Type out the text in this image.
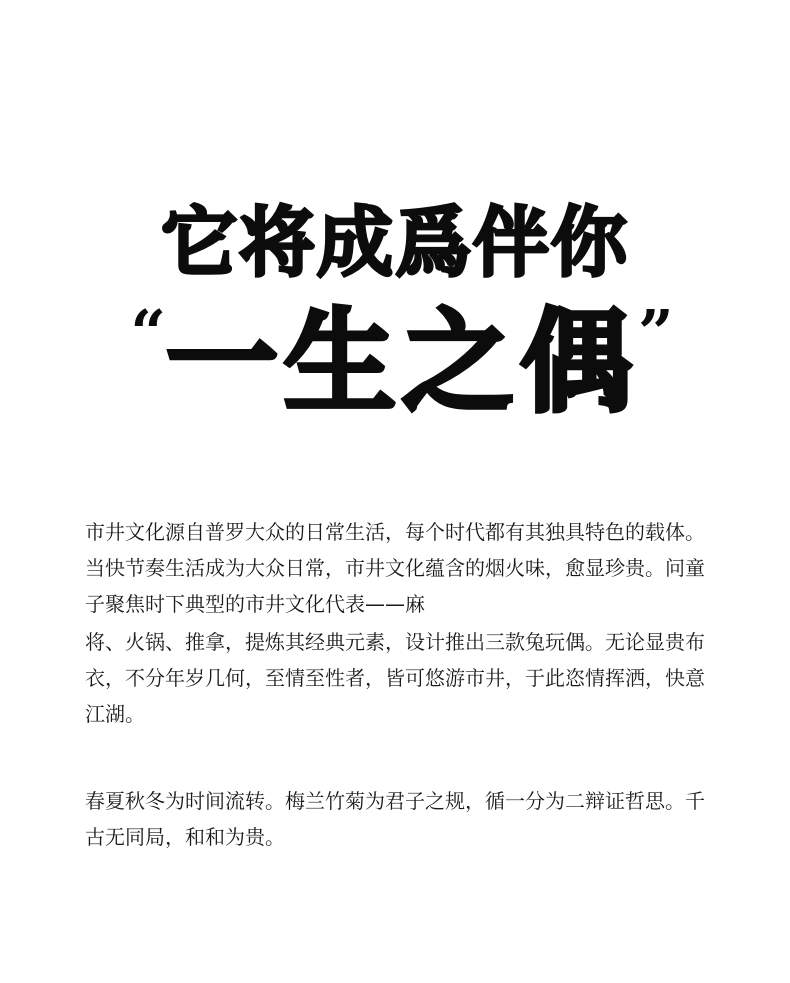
它将成爲伴你
“ 一生之偶 ”

市井文化源自普罗大众的日常生活，每个时代都有其独具特色的载体。当快节奏生活成为大众日常，市井文化蕴含的烟火味，愈显珍贵。问童子聚焦时下典型的市井文化代表——麻

将、火锅、推拿，提炼其经典元素，设计推出三款兔玩偶。无论显贵布衣，不分年岁几何，至情至性者，皆可悠游市井，于此恣情挥洒，快意江湖。

春夏秋冬为时间流转。梅兰竹菊为君子之规，循一分为二辩证哲思。千古无同局，和和为贵。
